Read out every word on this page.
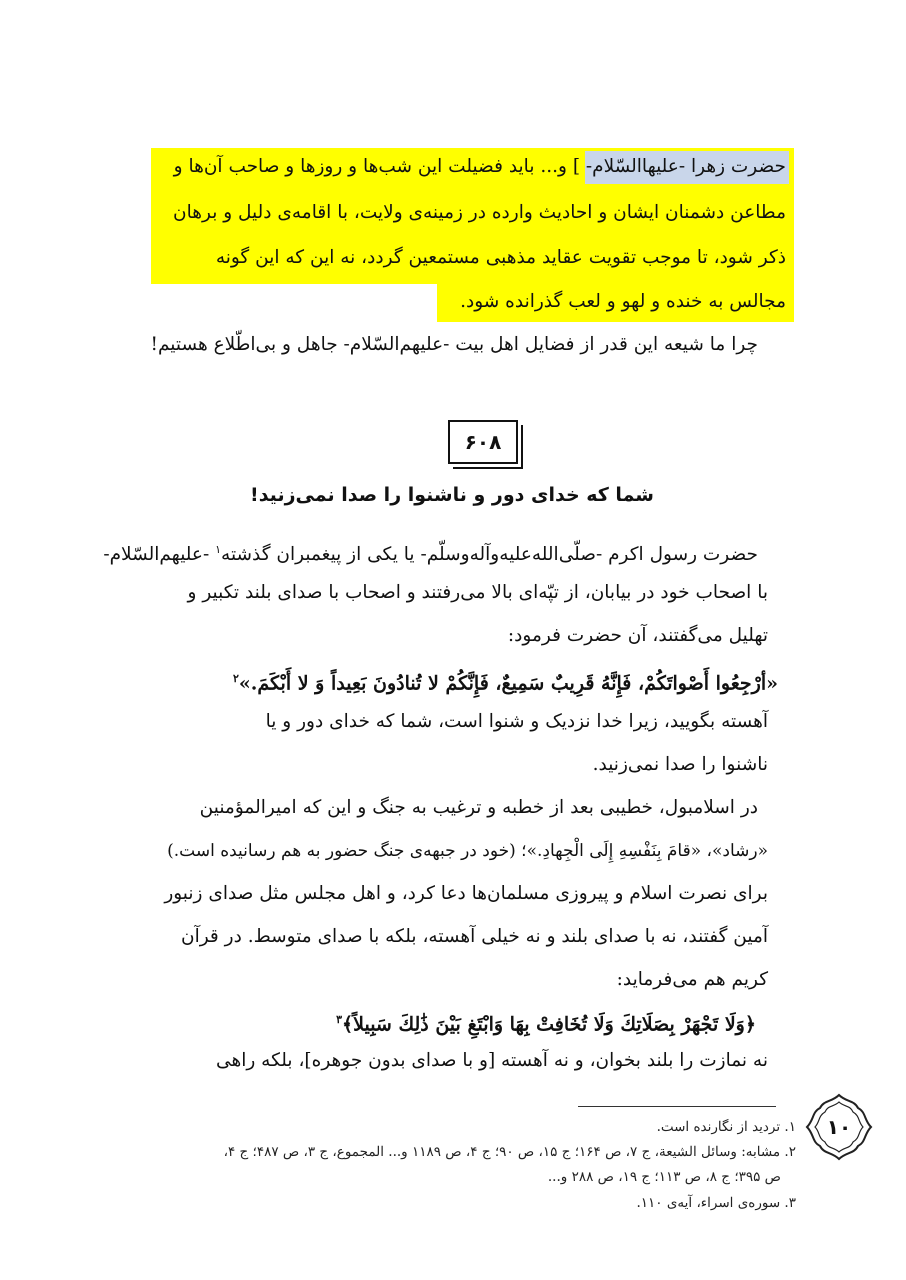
حضرت زهرا -علیهاالسّلام- ] و... باید فضیلت این شب‌ها و روزها و صاحب آن‌ها و
مطاعن دشمنان ایشان و احادیث وارده در زمینه‌ی ولایت، با اقامه‌ی دلیل و برهان
ذکر شود، تا موجب تقویت عقاید مذهبی مستمعین گردد، نه این که این گونه
مجالس به خنده و لهو و لعب گذرانده شود.
چرا ما شیعه این قدر از فضایل اهل بیت -علیهم‌السّلام- جاهل و بی‌اطّلاع هستیم!
۶۰۸
شما که خدای دور و ناشنوا را صدا نمی‌زنید!
حضرت رسول اکرم -صلّی‌الله‌علیه‌وآله‌وسلّم- یا یکی از پیغمبران گذشته$^۱$ -علیهم‌السّلام-
با اصحاب خود در بیابان، از تپّه‌ای بالا می‌رفتند و اصحاب با صدای بلند تکبیر و
تهلیل می‌گفتند، آن حضرت فرمود:
«أرْجِعُوا أَصْواتَكُمْ، فَإِنَّهُ قَرِيبٌ سَمِيعٌ، فَإِنَّكُمْ لا تُنادُونَ بَعِيداً وَ لا أَبْكَمَ.»$^۲$
آهسته بگویید، زیرا خدا نزدیک و شنوا است، شما که خدای دور و یا
ناشنوا را صدا نمی‌زنید.
در اسلامبول، خطیبی بعد از خطبه و ترغیب به جنگ و این که امیرالمؤمنین
«رشاد»، «قامَ بِنَفْسِهِ إِلَى الْجِهادِ.»؛ (خود در جبهه‌ی جنگ حضور به هم رسانیده است.)
برای نصرت اسلام و پیروزی مسلمان‌ها دعا کرد، و اهل مجلس مثل صدای زنبور
آمین گفتند، نه با صدای بلند و نه خیلی آهسته، بلکه با صدای متوسط. در قرآن
کریم هم می‌فرماید:
﴿وَلَا تَجْهَرْ بِصَلَاتِكَ وَلَا تُخَافِتْ بِهَا وَابْتَغِ بَيْنَ ذَٰلِكَ سَبِيلاً﴾$^۳$
نه نمازت را بلند بخوان، و نه آهسته [و با صدای بدون جوهره]، بلکه راهی
۱. تردید از نگارنده است.
۲. مشابه: وسائل الشیعة، ج ۷، ص ۱۶۴؛ ج ۱۵، ص ۹۰؛ ج ۴، ص ۱۱۸۹ و... المجموع، ج ۳، ص ۴۸۷؛ ج ۴،
ص ۳۹۵؛ ج ۸، ص ۱۱۳؛ ج ۱۹، ص ۲۸۸ و...
۳. سوره‌ی اسراء، آیه‌ی ۱۱۰.
۱۰
